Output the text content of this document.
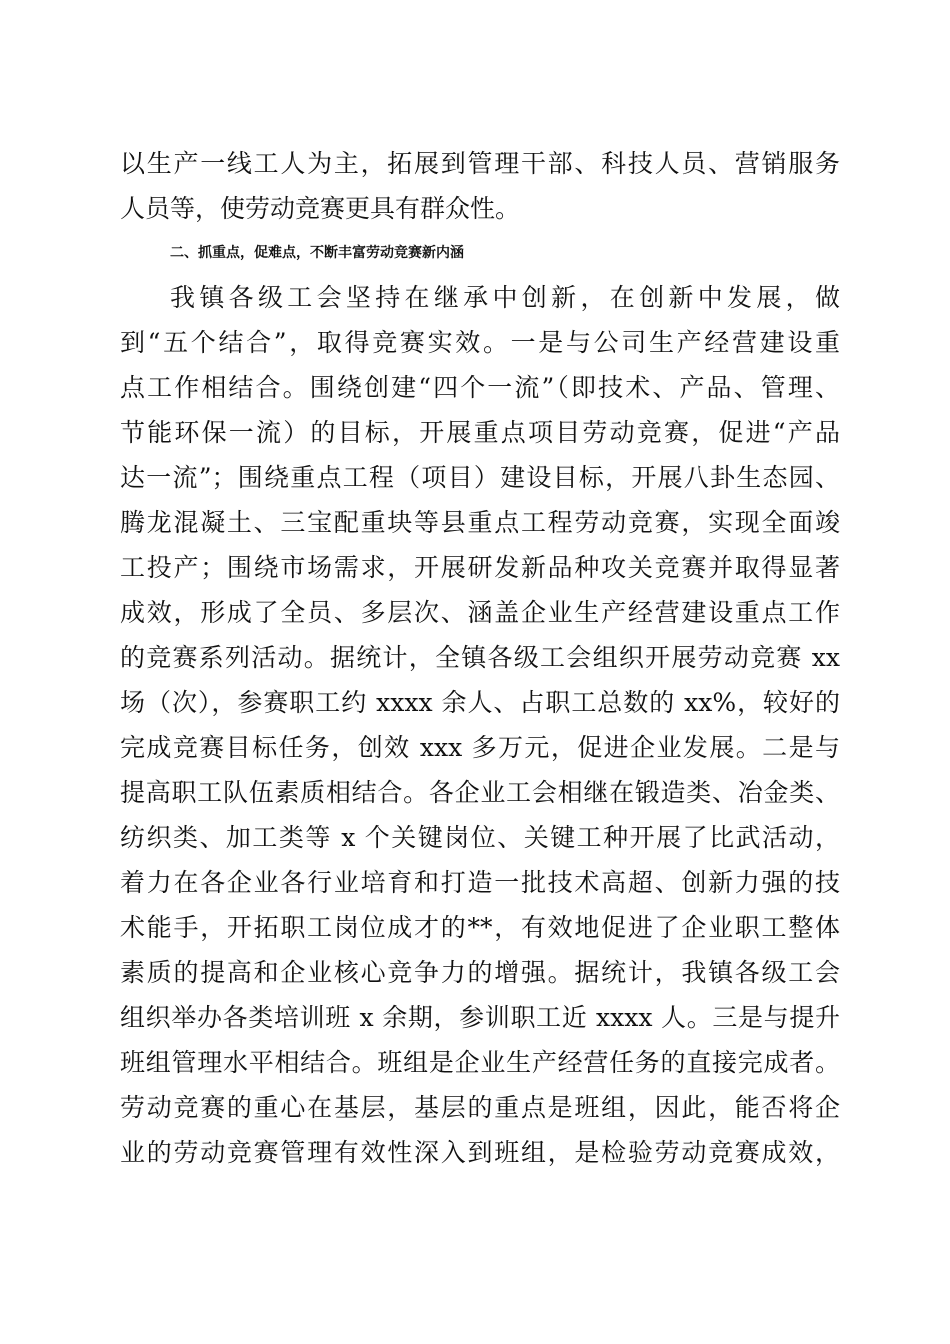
以生产一线工人为主，拓展到管理干部、科技人员、营销服务
人员等，使劳动竞赛更具有群众性。
二、抓重点，促难点，不断丰富劳动竞赛新内涵
我镇各级工会坚持在继承中创新，在创新中发展，做
到“五个结合”，取得竞赛实效。一是与公司生产经营建设重
点工作相结合。围绕创建“四个一流”（即技术、产品、管理、
节能环保一流）的目标，开展重点项目劳动竞赛，促进“产品
达一流”；围绕重点工程（项目）建设目标，开展八卦生态园、
腾龙混凝土、三宝配重块等县重点工程劳动竞赛，实现全面竣
工投产；围绕市场需求，开展研发新品种攻关竞赛并取得显著
成效，形成了全员、多层次、涵盖企业生产经营建设重点工作
的竞赛系列活动。据统计，全镇各级工会组织开展劳动竞赛 xx
场（次），参赛职工约 xxxx 余人、占职工总数的 xx%，较好的
完成竞赛目标任务，创效 xxx 多万元，促进企业发展。二是与
提高职工队伍素质相结合。各企业工会相继在锻造类、冶金类、
纺织类、加工类等 x 个关键岗位、关键工种开展了比武活动，
着力在各企业各行业培育和打造一批技术高超、创新力强的技
术能手，开拓职工岗位成才的**，有效地促进了企业职工整体
素质的提高和企业核心竞争力的增强。据统计，我镇各级工会
组织举办各类培训班 x 余期，参训职工近 xxxx 人。三是与提升
班组管理水平相结合。班组是企业生产经营任务的直接完成者。
劳动竞赛的重心在基层，基层的重点是班组，因此，能否将企
业的劳动竞赛管理有效性深入到班组，是检验劳动竞赛成效，
